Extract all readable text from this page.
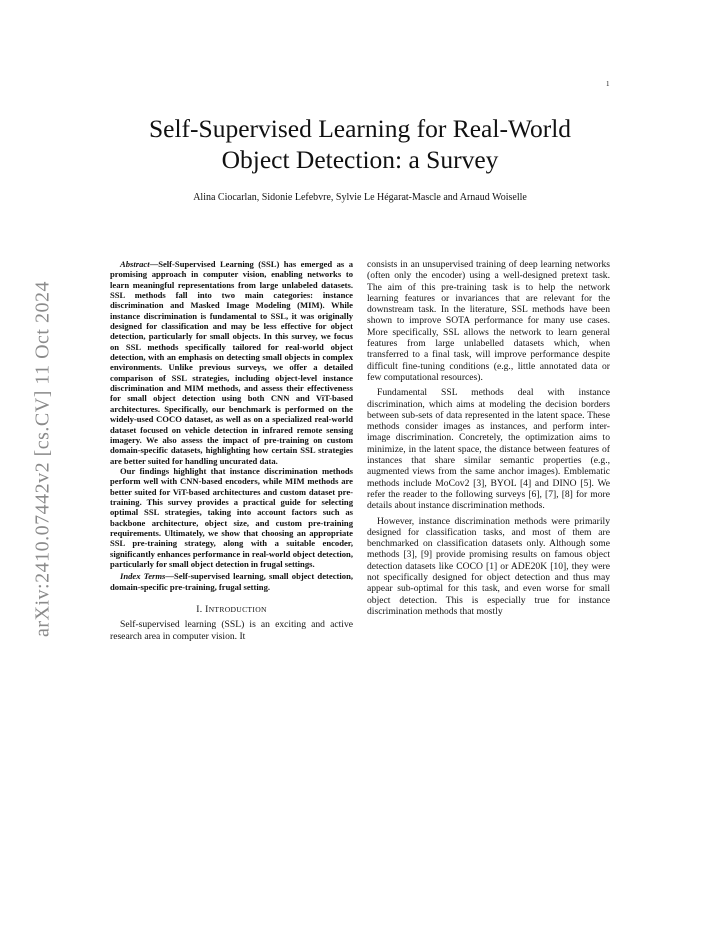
1
Self-Supervised Learning for Real-World
Object Detection: a Survey
Alina Ciocarlan, Sidonie Lefebvre, Sylvie Le Hégarat-Mascle and Arnaud Woiselle
arXiv:2410.07442v2 [cs.CV] 11 Oct 2024

Abstract—Self-Supervised Learning (SSL) has emerged as a promising approach in computer vision, enabling networks to learn meaningful representations from large unlabeled datasets. SSL methods fall into two main categories: instance discrimination and Masked Image Modeling (MIM). While instance discrimination is fundamental to SSL, it was originally designed for classification and may be less effective for object detection, particularly for small objects. In this survey, we focus on SSL methods specifically tailored for real-world object detection, with an emphasis on detecting small objects in complex environments. Unlike previous surveys, we offer a detailed comparison of SSL strategies, including object-level instance discrimination and MIM methods, and assess their effectiveness for small object detection using both CNN and ViT-based architectures. Specifically, our benchmark is performed on the widely-used COCO dataset, as well as on a specialized real-world dataset focused on vehicle detection in infrared remote sensing imagery. We also assess the impact of pre-training on custom domain-specific datasets, highlighting how certain SSL strategies are better suited for handling uncurated data.

Our findings highlight that instance discrimination methods perform well with CNN-based encoders, while MIM methods are better suited for ViT-based architectures and custom dataset pre-training. This survey provides a practical guide for selecting optimal SSL strategies, taking into account factors such as backbone architecture, object size, and custom pre-training requirements. Ultimately, we show that choosing an appropriate SSL pre-training strategy, along with a suitable encoder, significantly enhances performance in real-world object detection, particularly for small object detection in frugal settings.

Index Terms—Self-supervised learning, small object detection, domain-specific pre-training, frugal setting.

I. INTRODUCTION

Self-supervised learning (SSL) is an exciting and active research area in computer vision. It

consists in an unsupervised training of deep learning networks (often only the encoder) using a well-designed pretext task. The aim of this pre-training task is to help the network learning features or invariances that are relevant for the downstream task. In the literature, SSL methods have been shown to improve SOTA performance for many use cases. More specifically, SSL allows the network to learn general features from large unlabelled datasets which, when transferred to a final task, will improve performance despite difficult fine-tuning conditions (e.g., little annotated data or few computational resources).

Fundamental SSL methods deal with instance discrimination, which aims at modeling the decision borders between sub-sets of data represented in the latent space. These methods consider images as instances, and perform inter-image discrimination. Concretely, the optimization aims to minimize, in the latent space, the distance between features of instances that share similar semantic properties (e.g., augmented views from the same anchor images). Emblematic methods include MoCov2 [3], BYOL [4] and DINO [5]. We refer the reader to the following surveys [6], [7], [8] for more details about instance discrimination methods.

However, instance discrimination methods were primarily designed for classification tasks, and most of them are benchmarked on classification datasets only. Although some methods [3], [9] provide promising results on famous object detection datasets like COCO [1] or ADE20K [10], they were not specifically designed for object detection and thus may appear sub-optimal for this task, and even worse for small object detection. This is especially true for instance discrimination methods that mostly
